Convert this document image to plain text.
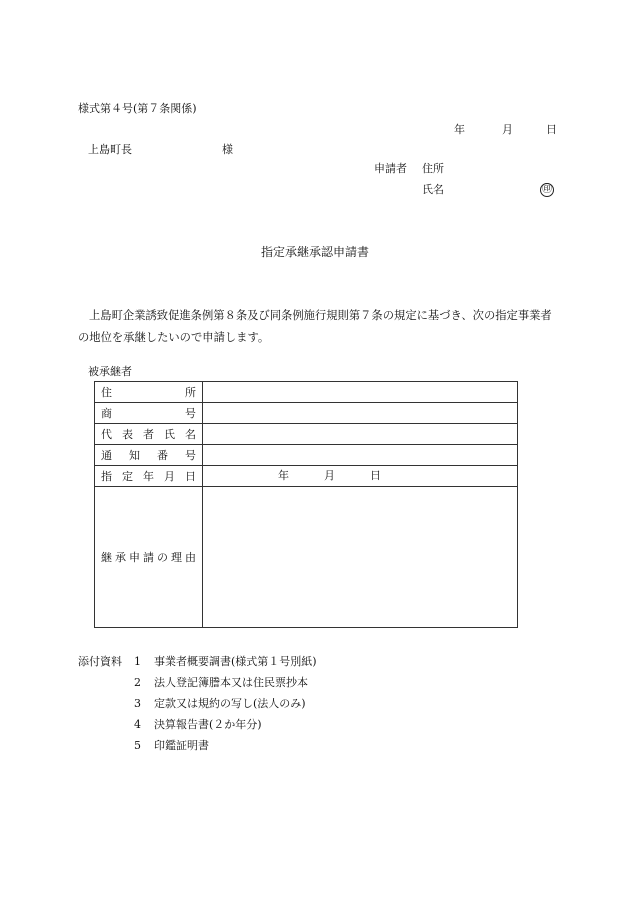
様式第４号(第７条関係)
年	月	日
上島町長	様
申請者 住所
氏名	㊞
指定承継承認申請書
上島町企業誘致促進条例第８条及び同条例施行規則第７条の規定に基づき、次の指定事業者の地位を承継したいので申請します。
被承継者
住所	

商号	

代表者氏名	

通知番号	

指定年月日	年 月 日

継承申請の理由	

添付資料 1 事業者概要調書(様式第１号別紙)
2 法人登記簿謄本又は住民票抄本
3 定款又は規約の写し(法人のみ)
4 決算報告書(２か年分)
5 印鑑証明書
